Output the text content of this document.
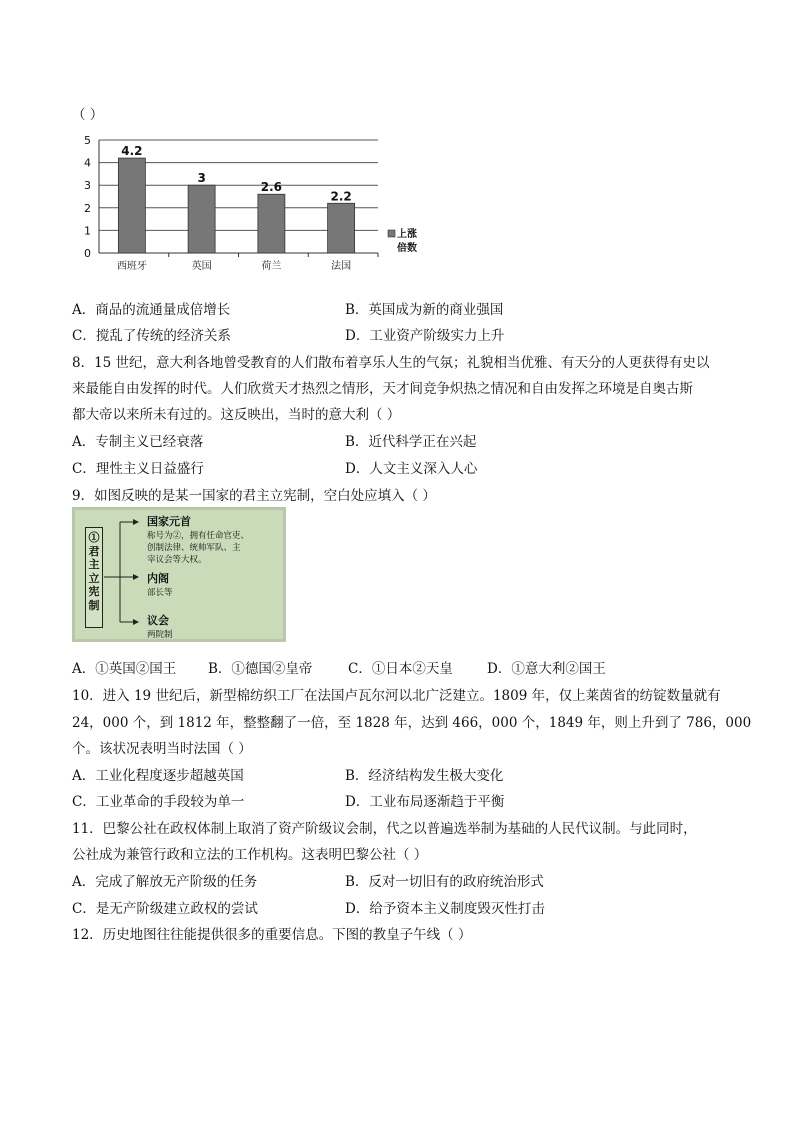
（ ）
0
1
2
3
4
5
4.2
西班牙
3
英国
2.6
荷兰
2.2
法国
上涨
倍数
A．商品的流通量成倍增长	B．英国成为新的商业强国
C．搅乱了传统的经济关系	D．工业资产阶级实力上升
8．15 世纪，意大利各地曾受教育的人们散布着享乐人生的气氛；礼貌相当优雅、有天分的人更获得有史以
来最能自由发挥的时代。人们欣赏天才热烈之情形，天才间竞争炽热之情况和自由发挥之环境是自奥古斯
都大帝以来所未有过的。这反映出，当时的意大利（ ）
A．专制主义已经衰落	B．近代科学正在兴起
C．理性主义日益盛行	D．人文主义深入人心
9．如图反映的是某一国家的君主立宪制，空白处应填入（ ）
①君主立宪制
国家元首
称号为②，拥有任命官吏、
创制法律、统帅军队、主
宰议会等大权。
内阁
部长等
议会
两院制
A．①英国②国王 B．①德国②皇帝	C．①日本②天皇	D．①意大利②国王
10．进入 19 世纪后，新型棉纺织工厂在法国卢瓦尔河以北广泛建立。1809 年，仅上莱茵省的纺锭数量就有
24，000 个，到 1812 年，整整翻了一倍，至 1828 年，达到 466，000 个，1849 年，则上升到了 786，000
个。该状况表明当时法国（ ）
A．工业化程度逐步超越英国	B．经济结构发生极大变化
C．工业革命的手段较为单一	D．工业布局逐渐趋于平衡
11．巴黎公社在政权体制上取消了资产阶级议会制，代之以普遍选举制为基础的人民代议制。与此同时，
公社成为兼管行政和立法的工作机构。这表明巴黎公社（ ）
A．完成了解放无产阶级的任务	B．反对一切旧有的政府统治形式
C．是无产阶级建立政权的尝试	D．给予资本主义制度毁灭性打击
12．历史地图往往能提供很多的重要信息。下图的教皇子午线（ ）
